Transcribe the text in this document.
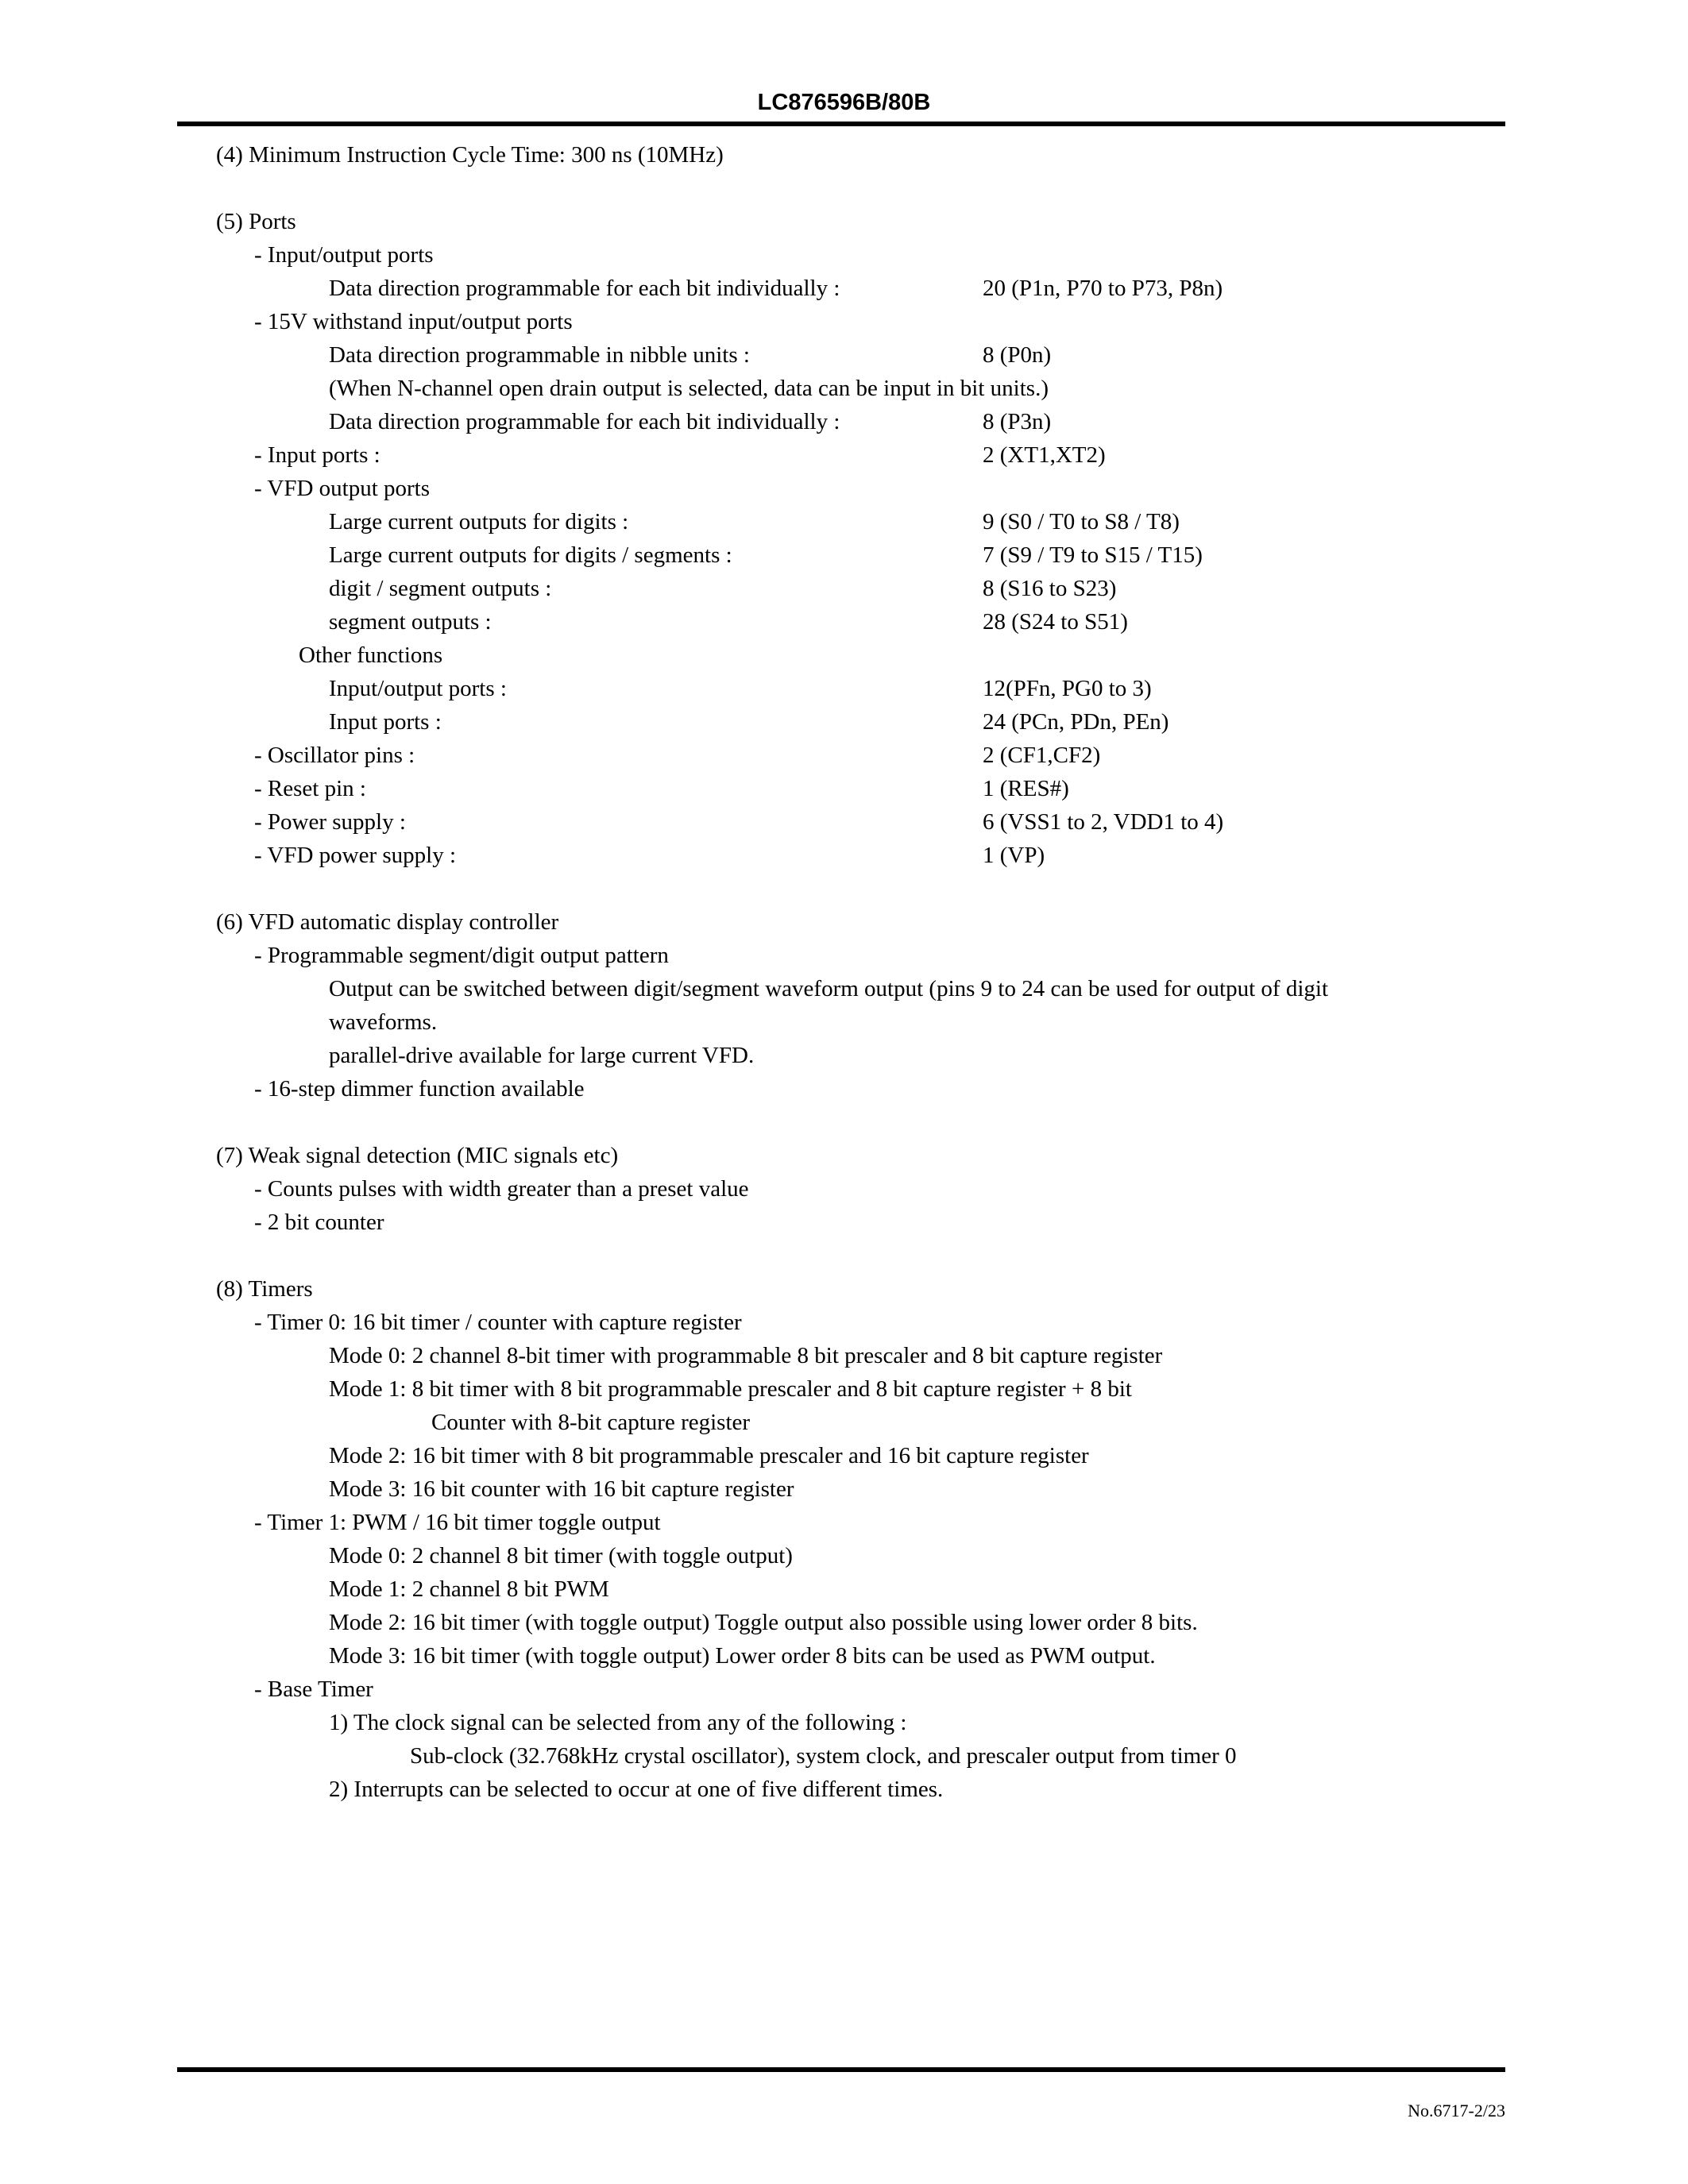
LC876596B/80B
(4) Minimum Instruction Cycle Time: 300 ns (10MHz)
(5) Ports
- Input/output ports
Data direction programmable for each bit individually :	20 (P1n, P70 to P73, P8n)
- 15V withstand input/output ports
Data direction programmable in nibble units :	8 (P0n)
(When N-channel open drain output is selected, data can be input in bit units.)
Data direction programmable for each bit individually :	8 (P3n)
- Input ports :	2 (XT1,XT2)
- VFD output ports
Large current outputs for digits :	9 (S0 / T0 to S8 / T8)
Large current outputs for digits / segments :	7 (S9 / T9 to S15 / T15)
digit / segment outputs :	8 (S16 to S23)
segment outputs :	28 (S24 to S51)
Other functions
Input/output ports :	12(PFn, PG0 to 3)
Input ports :	24 (PCn, PDn, PEn)
- Oscillator pins :	2 (CF1,CF2)
- Reset pin :	1 (RES#)
- Power supply :	6 (VSS1 to 2, VDD1 to 4)
- VFD power supply :	1 (VP)
(6) VFD automatic display controller
- Programmable segment/digit output pattern
Output can be switched between digit/segment waveform output (pins 9 to 24 can be used for output of digit
waveforms.
parallel-drive available for large current VFD.
- 16-step dimmer function available
(7) Weak signal detection (MIC signals etc)
- Counts pulses with width greater than a preset value
- 2 bit counter
(8) Timers
- Timer 0: 16 bit timer / counter with capture register
Mode 0: 2 channel 8-bit timer with programmable 8 bit prescaler and 8 bit capture register
Mode 1: 8 bit timer with 8 bit programmable prescaler and 8 bit capture register + 8 bit
Counter with 8-bit capture register
Mode 2: 16 bit timer with 8 bit programmable prescaler and 16 bit capture register
Mode 3: 16 bit counter with 16 bit capture register
- Timer 1: PWM / 16 bit timer toggle output
Mode 0: 2 channel 8 bit timer (with toggle output)
Mode 1: 2 channel 8 bit PWM
Mode 2: 16 bit timer (with toggle output) Toggle output also possible using lower order 8 bits.
Mode 3: 16 bit timer (with toggle output) Lower order 8 bits can be used as PWM output.
- Base Timer
1) The clock signal can be selected from any of the following :
Sub-clock (32.768kHz crystal oscillator), system clock, and prescaler output from timer 0
2) Interrupts can be selected to occur at one of five different times.
No.6717-2/23
